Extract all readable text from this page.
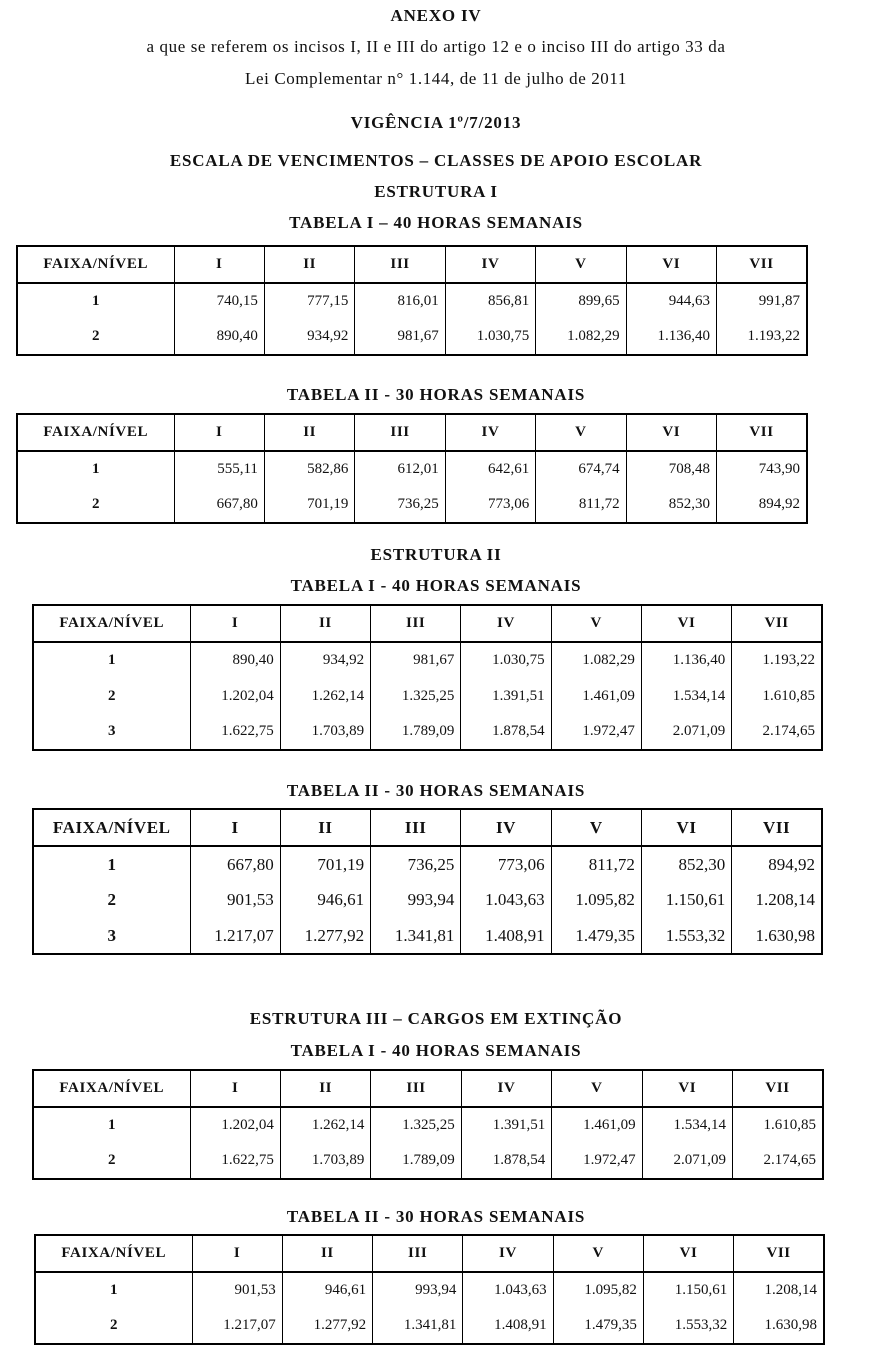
ANEXO IV
a que se referem os incisos I, II e III do artigo 12 e o inciso III do artigo 33 da
Lei Complementar n° 1.144, de 11 de julho de 2011
VIGÊNCIA 1º/7/2013
ESCALA DE VENCIMENTOS – CLASSES DE APOIO ESCOLAR
ESTRUTURA I
TABELA I – 40 HORAS SEMANAIS
FAIXA/NÍVEL	I	II	III	IV	V	VI	VII
1	740,15	777,15	816,01	856,81	899,65	944,63	991,87
2	890,40	934,92	981,67	1.030,75	1.082,29	1.136,40	1.193,22
TABELA II - 30 HORAS SEMANAIS
FAIXA/NÍVEL	I	II	III	IV	V	VI	VII
1	555,11	582,86	612,01	642,61	674,74	708,48	743,90
2	667,80	701,19	736,25	773,06	811,72	852,30	894,92
ESTRUTURA II
TABELA I - 40 HORAS SEMANAIS
FAIXA/NÍVEL	I	II	III	IV	V	VI	VII
1	890,40	934,92	981,67	1.030,75	1.082,29	1.136,40	1.193,22
2	1.202,04	1.262,14	1.325,25	1.391,51	1.461,09	1.534,14	1.610,85
3	1.622,75	1.703,89	1.789,09	1.878,54	1.972,47	2.071,09	2.174,65
TABELA II - 30 HORAS SEMANAIS
FAIXA/NÍVEL	I	II	III	IV	V	VI	VII
1	667,80	701,19	736,25	773,06	811,72	852,30	894,92
2	901,53	946,61	993,94	1.043,63	1.095,82	1.150,61	1.208,14
3	1.217,07	1.277,92	1.341,81	1.408,91	1.479,35	1.553,32	1.630,98
ESTRUTURA III – CARGOS EM EXTINÇÃO
TABELA I - 40 HORAS SEMANAIS
FAIXA/NÍVEL	I	II	III	IV	V	VI	VII
1	1.202,04	1.262,14	1.325,25	1.391,51	1.461,09	1.534,14	1.610,85
2	1.622,75	1.703,89	1.789,09	1.878,54	1.972,47	2.071,09	2.174,65
TABELA II - 30 HORAS SEMANAIS
FAIXA/NÍVEL	I	II	III	IV	V	VI	VII
1	901,53	946,61	993,94	1.043,63	1.095,82	1.150,61	1.208,14
2	1.217,07	1.277,92	1.341,81	1.408,91	1.479,35	1.553,32	1.630,98
